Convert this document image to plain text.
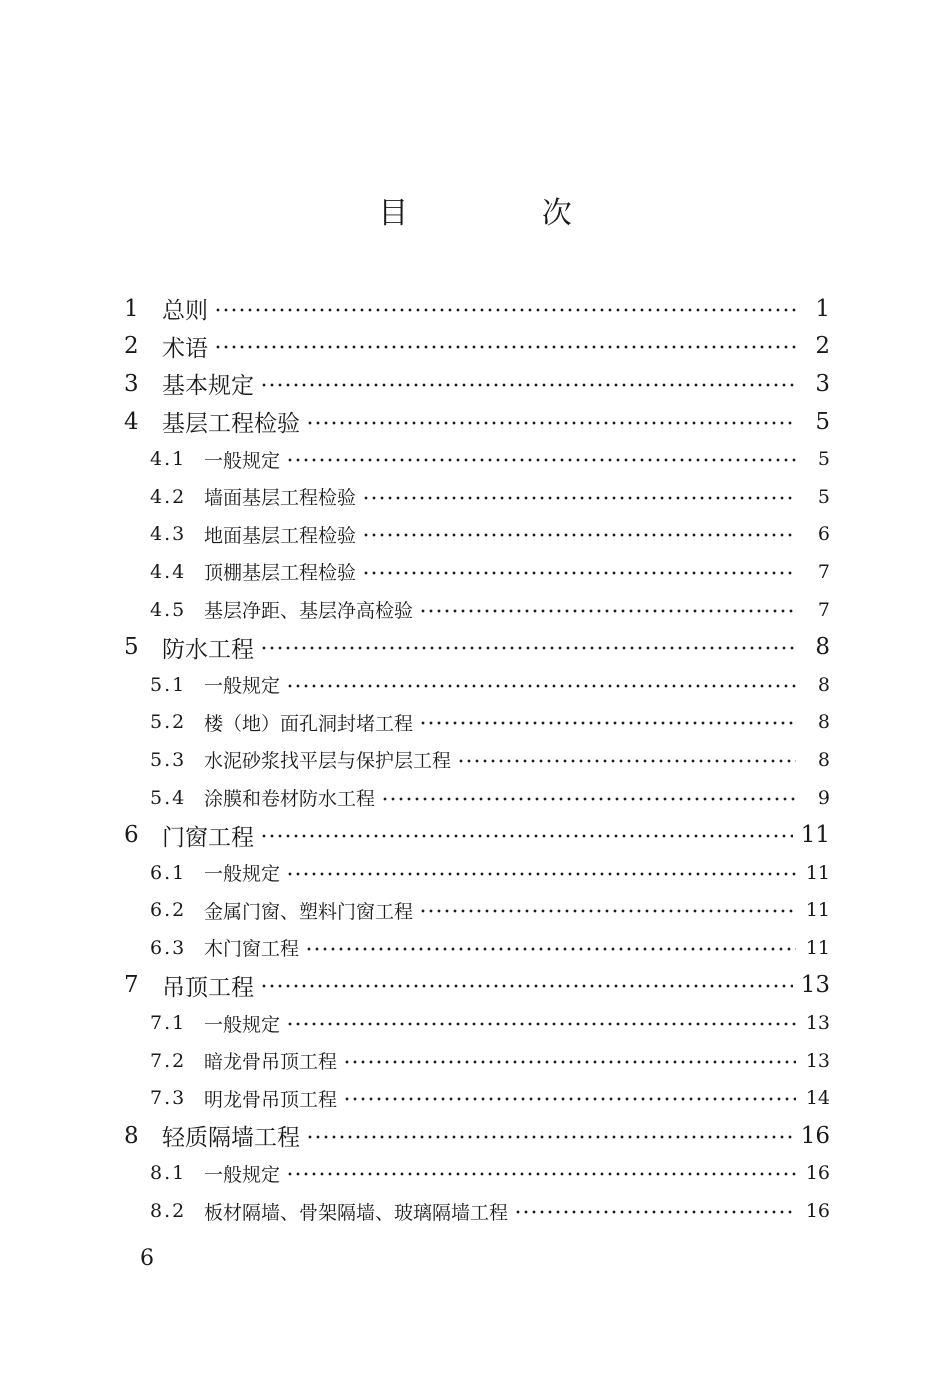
目 次
1	总则	1
2	术语	2
3	基本规定	3
4	基层工程检验	5
4.1 一般规定	5
4.2 墙面基层工程检验	5
4.3 地面基层工程检验	6
4.4 顶棚基层工程检验	7
4.5 基层净距、基层净高检验	7
5	防水工程	8
5.1 一般规定	8
5.2 楼（地）面孔洞封堵工程	8
5.3 水泥砂浆找平层与保护层工程	8
5.4 涂膜和卷材防水工程	9
6	门窗工程	11
6.1 一般规定	11
6.2 金属门窗、塑料门窗工程	11
6.3 木门窗工程	11
7	吊顶工程	13
7.1 一般规定	13
7.2 暗龙骨吊顶工程	13
7.3 明龙骨吊顶工程	14
8	轻质隔墙工程	16
8.1 一般规定	16
8.2 板材隔墙、骨架隔墙、玻璃隔墙工程	16
6
